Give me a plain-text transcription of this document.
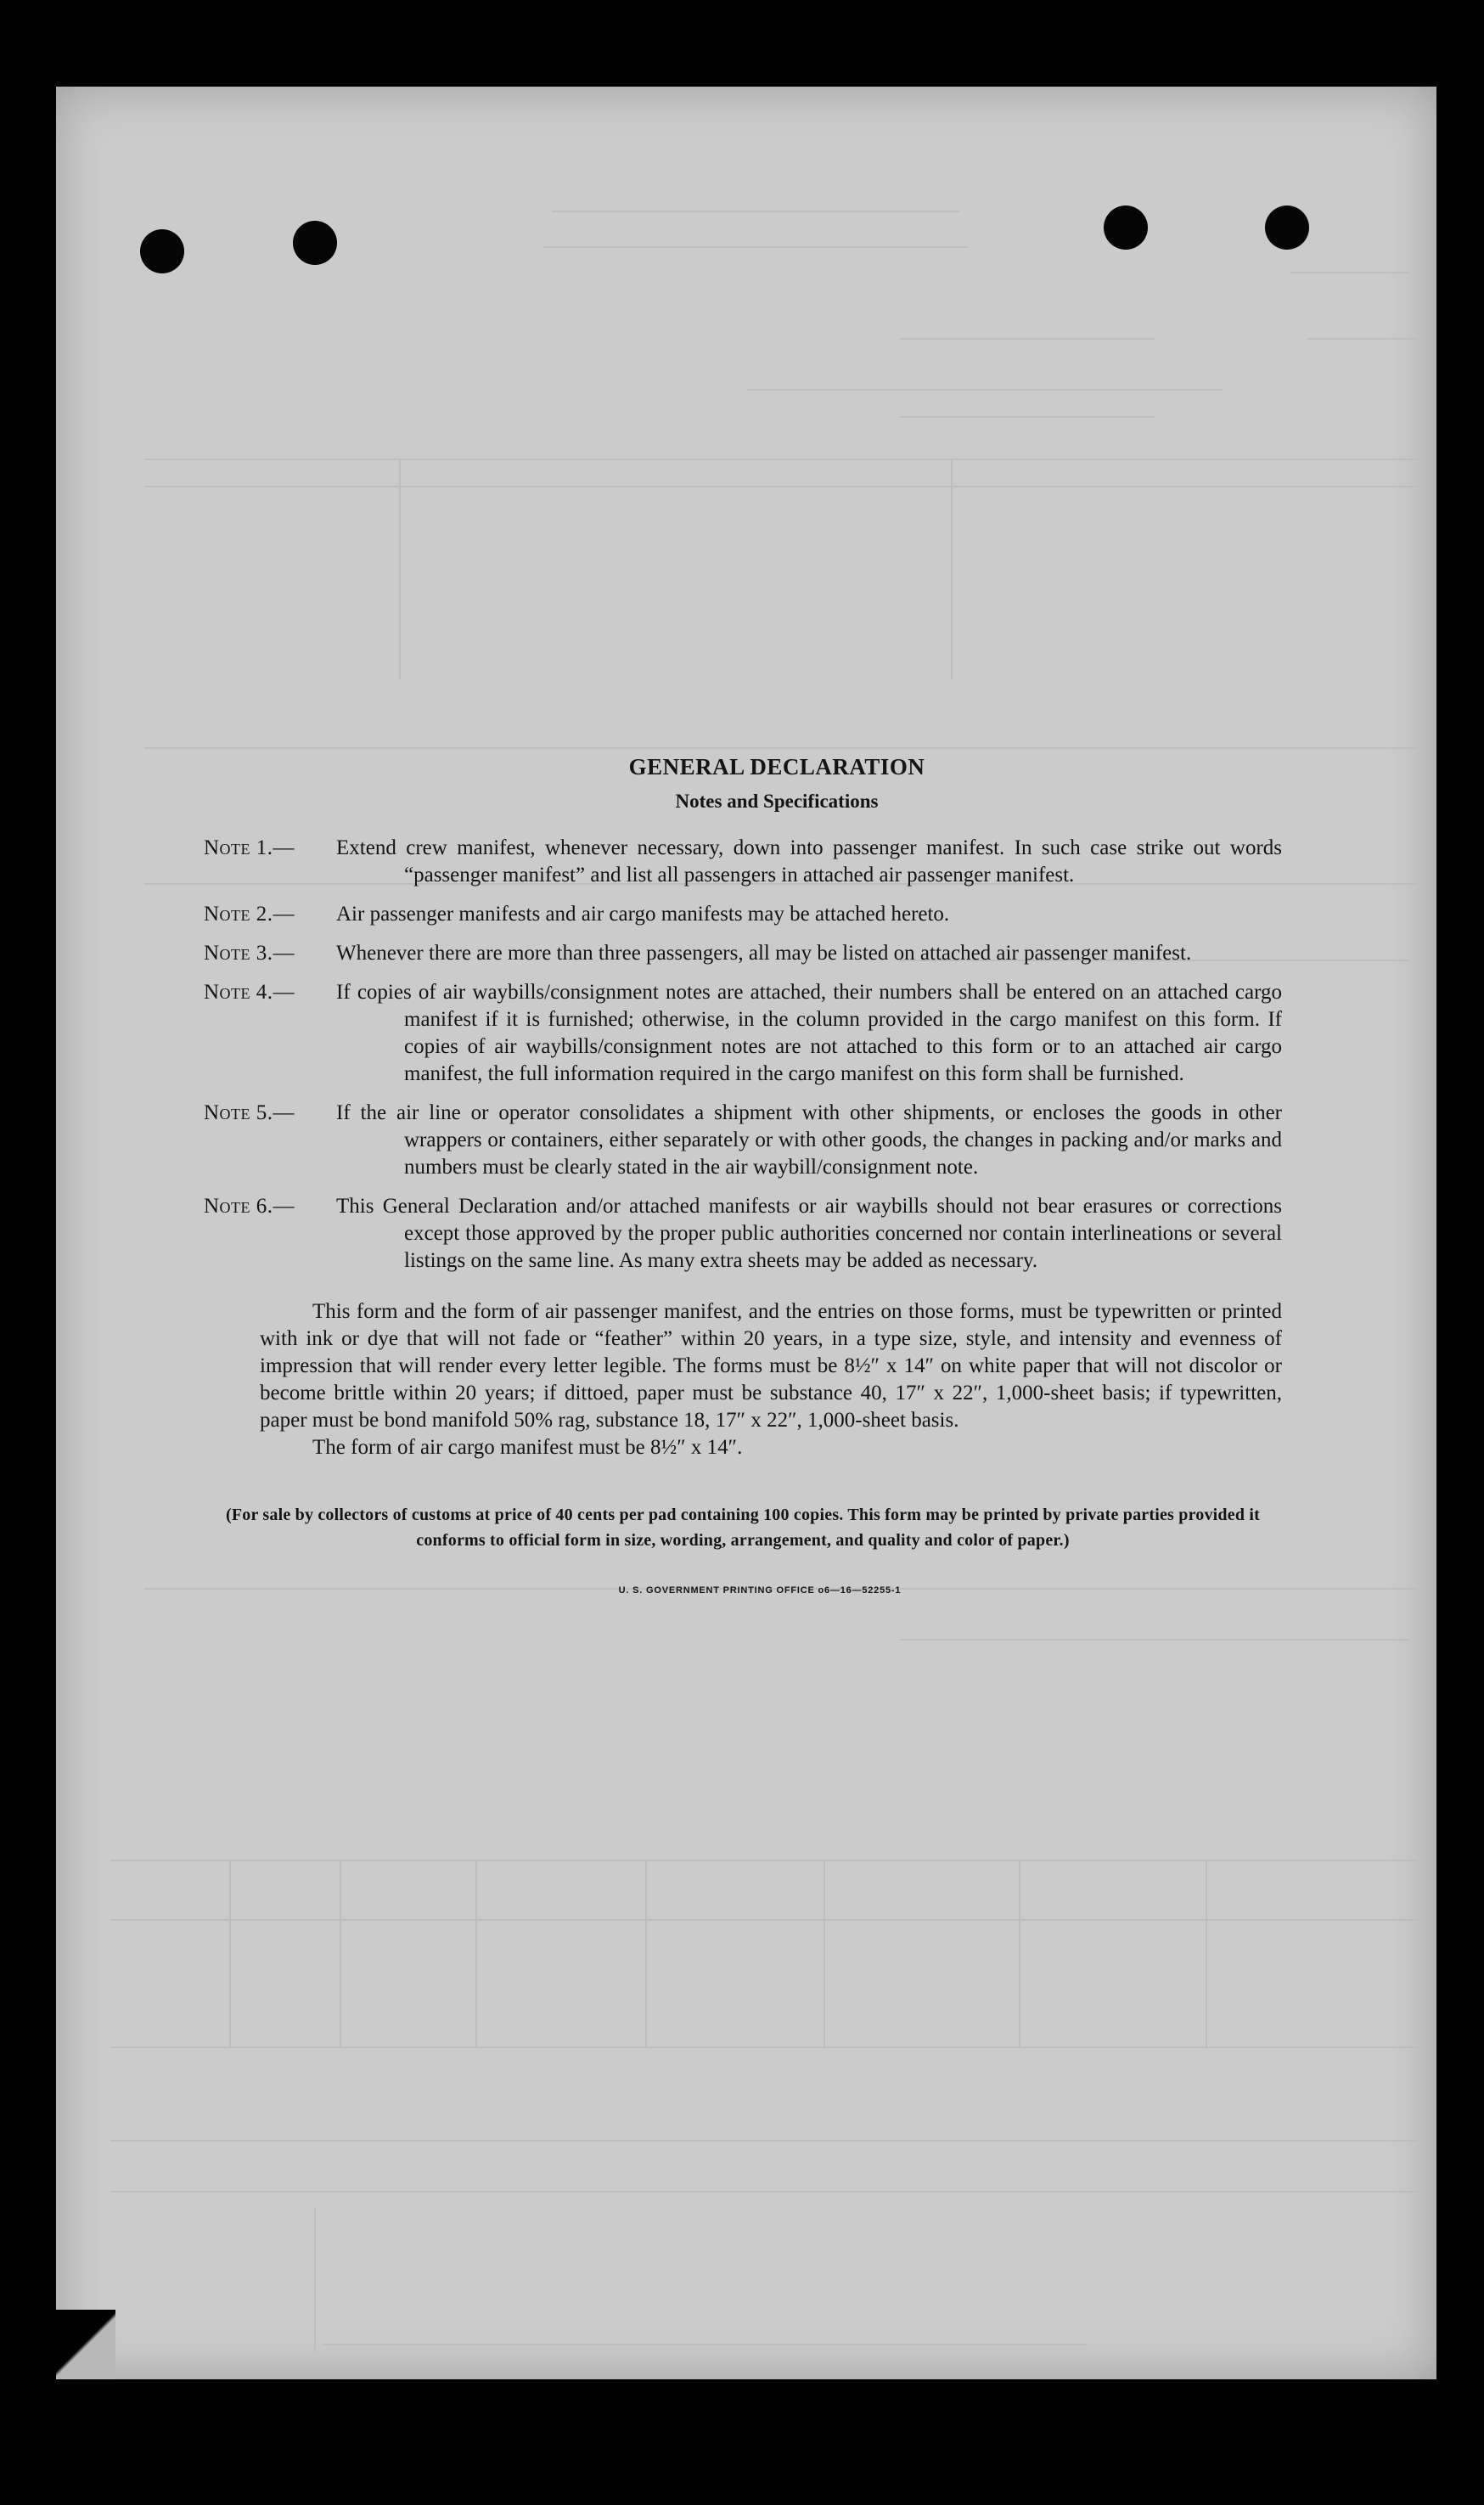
GENERAL DECLARATION
Notes and Specifications
Note 1.—	Extend crew manifest, whenever necessary, down into passenger manifest. In such case strike out words “passenger manifest” and list all passengers in attached air passenger manifest.
Note 2.—	Air passenger manifests and air cargo manifests may be attached hereto.
Note 3.—	Whenever there are more than three passengers, all may be listed on attached air passenger manifest.
Note 4.—	If copies of air waybills/consignment notes are attached, their numbers shall be entered on an attached cargo manifest if it is furnished; otherwise, in the column provided in the cargo manifest on this form. If copies of air waybills/consignment notes are not attached to this form or to an attached air cargo manifest, the full information required in the cargo manifest on this form shall be furnished.
Note 5.—	If the air line or operator consolidates a shipment with other shipments, or encloses the goods in other wrappers or containers, either separately or with other goods, the changes in packing and/or marks and numbers must be clearly stated in the air waybill/consignment note.
Note 6.—	This General Declaration and/or attached manifests or air waybills should not bear erasures or corrections except those approved by the proper public authorities concerned nor contain interlineations or several listings on the same line. As many extra sheets may be added as necessary.

This form and the form of air passenger manifest, and the entries on those forms, must be typewritten or printed with ink or dye that will not fade or “feather” within 20 years, in a type size, style, and intensity and evenness of impression that will render every letter legible. The forms must be 8½″ x 14″ on white paper that will not discolor or become brittle within 20 years; if dittoed, paper must be substance 40, 17″ x 22″, 1,000-sheet basis; if typewritten, paper must be bond manifold 50% rag, substance 18, 17″ x 22″, 1,000-sheet basis.

The form of air cargo manifest must be 8½″ x 14″.

(For sale by collectors of customs at price of 40 cents per pad containing 100 copies. This form may be printed by private parties provided it conforms to official form in size, wording, arrangement, and quality and color of paper.)

U. S. GOVERNMENT PRINTING OFFICE o6—16—52255-1
